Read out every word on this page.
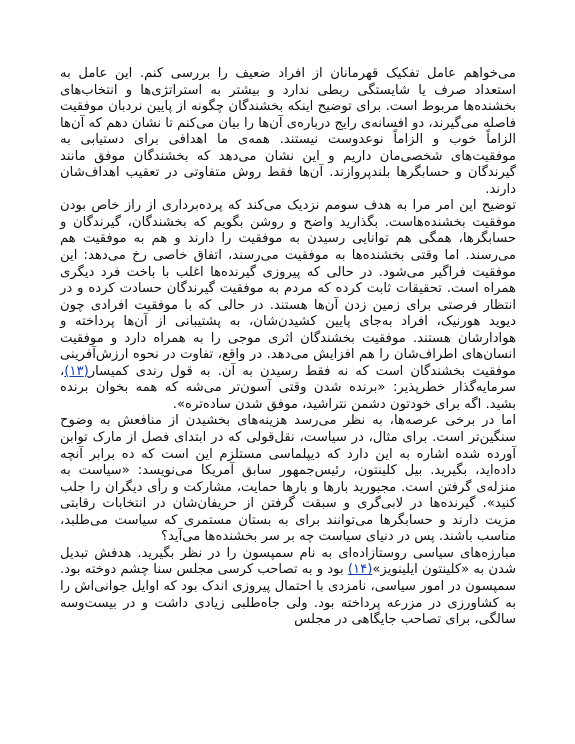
می‌خواهم عامل تفکیک قهرمانان از افراد ضعیف را بررسی کنم. این عامل به استعداد صرف یا شایستگی ربطی ندارد و بیشتر به استراتژی‌ها و انتخاب‌های بخشنده‌ها مربوط است. برای توضیح اینکه بخشندگان چگونه از پایین نردبان موفقیت فاصله می‌گیرند، دو افسانه‌ی رایج درباره‌ی آن‌ها را بیان می‌کنم تا نشان دهم که آن‌ها الزاماً خوب و الزاماً نوعدوست نیستند. همه‌ی ما اهدافی برای دستیابی به موفقیت‌های شخصی‌مان داریم و این نشان می‌دهد که بخشندگان موفق مانند گیرندگان و حسابگرها بلندپروازند. آن‌ها فقط روش متفاوتی در تعقیب اهداف‌شان دارند.

توضیح این امر مرا به هدف سومم نزدیک می‌کند که پرده‌برداری از راز خاص بودن موفقیت بخشنده‌هاست. بگذارید واضح و روشن بگویم که بخشندگان، گیرندگان و حسابگرها، همگی هم توانایی رسیدن به موفقیت را دارند و هم به موفقیت هم می‌رسند. اما وقتی بخشنده‌ها به موفقیت می‌رسند، اتفاق خاصی رخ می‌دهد: این موفقیت فراگیر می‌شود. در حالی که پیروزی گیرنده‌ها اغلب با باخت فرد دیگری همراه است. تحقیقات ثابت کرده که مردم به موفقیت گیرندگان حسادت کرده و در انتظار فرصتی برای زمین زدن آن‌ها هستند. در حالی که با موفقیت افرادی چون دیوید هورنیک، افراد به‌جای پایین کشیدن‌شان، به پشتیبانی از آن‌ها پرداخته و هوادارشان هستند. موفقیت بخشندگان اثری موجی را به همراه دارد و موفقیت انسان‌های اطراف‌شان را هم افزایش می‌دهد. در واقع، تفاوت در نحوه ارزش‌آفرینی موفقیت بخشندگان است که نه فقط رسیدن به آن. به قول رندی کمیسار(۱۳)، سرمایه‌گذار خطرپذیر: «برنده شدن وقتی آسون‌تر می‌شه که همه بخوان برنده بشید. اگه برای خودتون دشمن نتراشید، موفق شدن ساده‌تره».

اما در برخی عرصه‌ها، به نظر می‌رسد هزینه‌های بخشیدن از منافعش به وضوح سنگین‌تر است. برای مثال، در سیاست، نقل‌قولی که در ابتدای فصل از مارک توابن آورده شده اشاره به این دارد که دیپلماسی مستلزم این است که ده برابر آنچه داده‌اید، بگیرید. بیل کلینتون، رئیس‌جمهور سابق آمریکا می‌نویسد: «سیاست به منزله‌ی گرفتن است. مجبورید بارها و بارها حمایت، مشارکت و رأی دیگران را جلب کنید». گیرنده‌ها در لابی‌گری و سبقت گرفتن از حریفان‌شان در انتخابات رقابتی مزیت دارند و حسابگرها می‌توانند برای به بستان مستمری که سیاست می‌طلبد، مناسب باشند. پس در دنیای سیاست چه بر سر بخشنده‌ها می‌آید؟

مبارزه‌های سیاسی روستازاده‌ای به نام سمپسون را در نظر بگیرید. هدفش تبدیل شدن به «کلینتون ایلینویز»(۱۴) بود و به تصاحب کرسی مجلس سنا چشم دوخته بود. سمپسون در امور سیاسی، نامزدی با احتمال پیروزی اندک بود که اوایل جوانی‌اش را به کشاورزی در مزرعه پرداخته بود. ولی جاه‌طلبی زیادی داشت و در بیست‌وسه سالگی، برای تصاحب جایگاهی در مجلس
